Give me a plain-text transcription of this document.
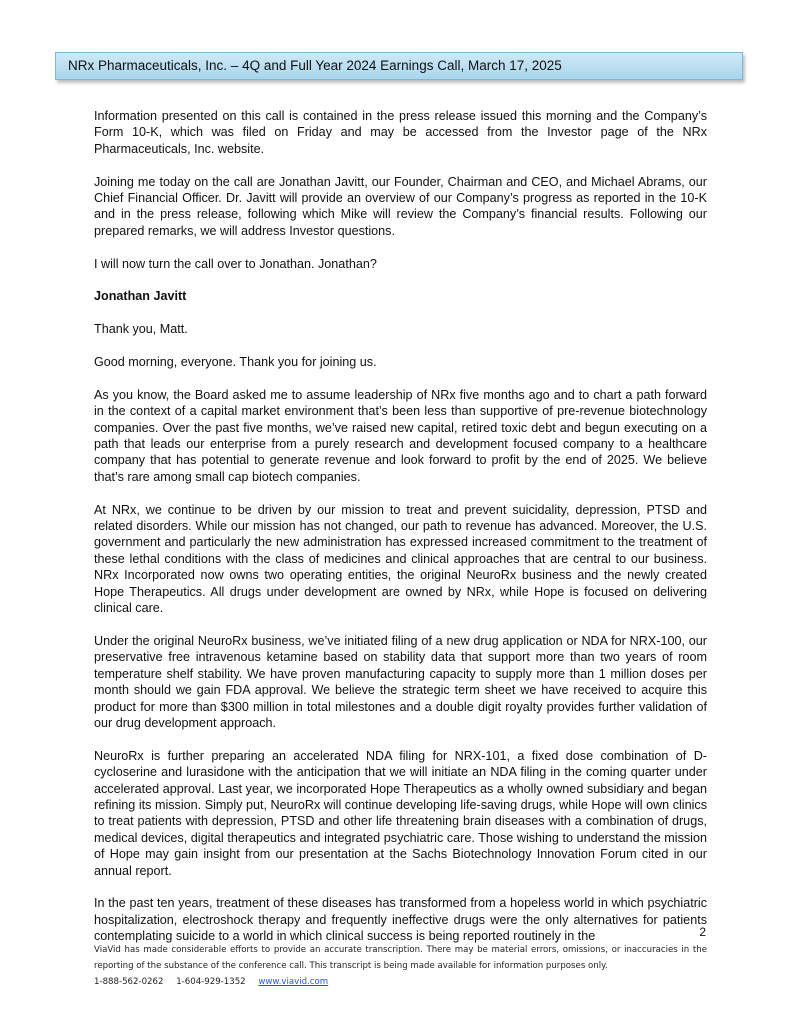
NRx Pharmaceuticals, Inc. – 4Q and Full Year 2024 Earnings Call, March 17, 2025

Information presented on this call is contained in the press release issued this morning and the Company’s Form 10-K, which was filed on Friday and may be accessed from the Investor page of the NRx Pharmaceuticals, Inc. website.

Joining me today on the call are Jonathan Javitt, our Founder, Chairman and CEO, and Michael Abrams, our Chief Financial Officer. Dr. Javitt will provide an overview of our Company’s progress as reported in the 10-K and in the press release, following which Mike will review the Company’s financial results. Following our prepared remarks, we will address Investor questions.

I will now turn the call over to Jonathan. Jonathan?

Jonathan Javitt

Thank you, Matt.

Good morning, everyone. Thank you for joining us.

As you know, the Board asked me to assume leadership of NRx five months ago and to chart a path forward in the context of a capital market environment that’s been less than supportive of pre-revenue biotechnology companies. Over the past five months, we’ve raised new capital, retired toxic debt and begun executing on a path that leads our enterprise from a purely research and development focused company to a healthcare company that has potential to generate revenue and look forward to profit by the end of 2025. We believe that’s rare among small cap biotech companies.

At NRx, we continue to be driven by our mission to treat and prevent suicidality, depression, PTSD and related disorders. While our mission has not changed, our path to revenue has advanced. Moreover, the U.S. government and particularly the new administration has expressed increased commitment to the treatment of these lethal conditions with the class of medicines and clinical approaches that are central to our business. NRx Incorporated now owns two operating entities, the original NeuroRx business and the newly created Hope Therapeutics. All drugs under development are owned by NRx, while Hope is focused on delivering clinical care.

Under the original NeuroRx business, we’ve initiated filing of a new drug application or NDA for NRX-100, our preservative free intravenous ketamine based on stability data that support more than two years of room temperature shelf stability. We have proven manufacturing capacity to supply more than 1 million doses per month should we gain FDA approval. We believe the strategic term sheet we have received to acquire this product for more than $300 million in total milestones and a double digit royalty provides further validation of our drug development approach.

NeuroRx is further preparing an accelerated NDA filing for NRX-101, a fixed dose combination of D-cycloserine and lurasidone with the anticipation that we will initiate an NDA filing in the coming quarter under accelerated approval. Last year, we incorporated Hope Therapeutics as a wholly owned subsidiary and began refining its mission. Simply put, NeuroRx will continue developing life-saving drugs, while Hope will own clinics to treat patients with depression, PTSD and other life threatening brain diseases with a combination of drugs, medical devices, digital therapeutics and integrated psychiatric care. Those wishing to understand the mission of Hope may gain insight from our presentation at the Sachs Biotechnology Innovation Forum cited in our annual report.

In the past ten years, treatment of these diseases has transformed from a hopeless world in which psychiatric hospitalization, electroshock therapy and frequently ineffective drugs were the only alternatives for patients contemplating suicide to a world in which clinical success is being reported routinely in the	2
ViaVid has made considerable efforts to provide an accurate transcription. There may be material errors, omissions, or inaccuracies in the reporting of the substance of the conference call. This transcript is being made available for information purposes only.
1-888-562-0262 1-604-929-1352 www.viavid.com
